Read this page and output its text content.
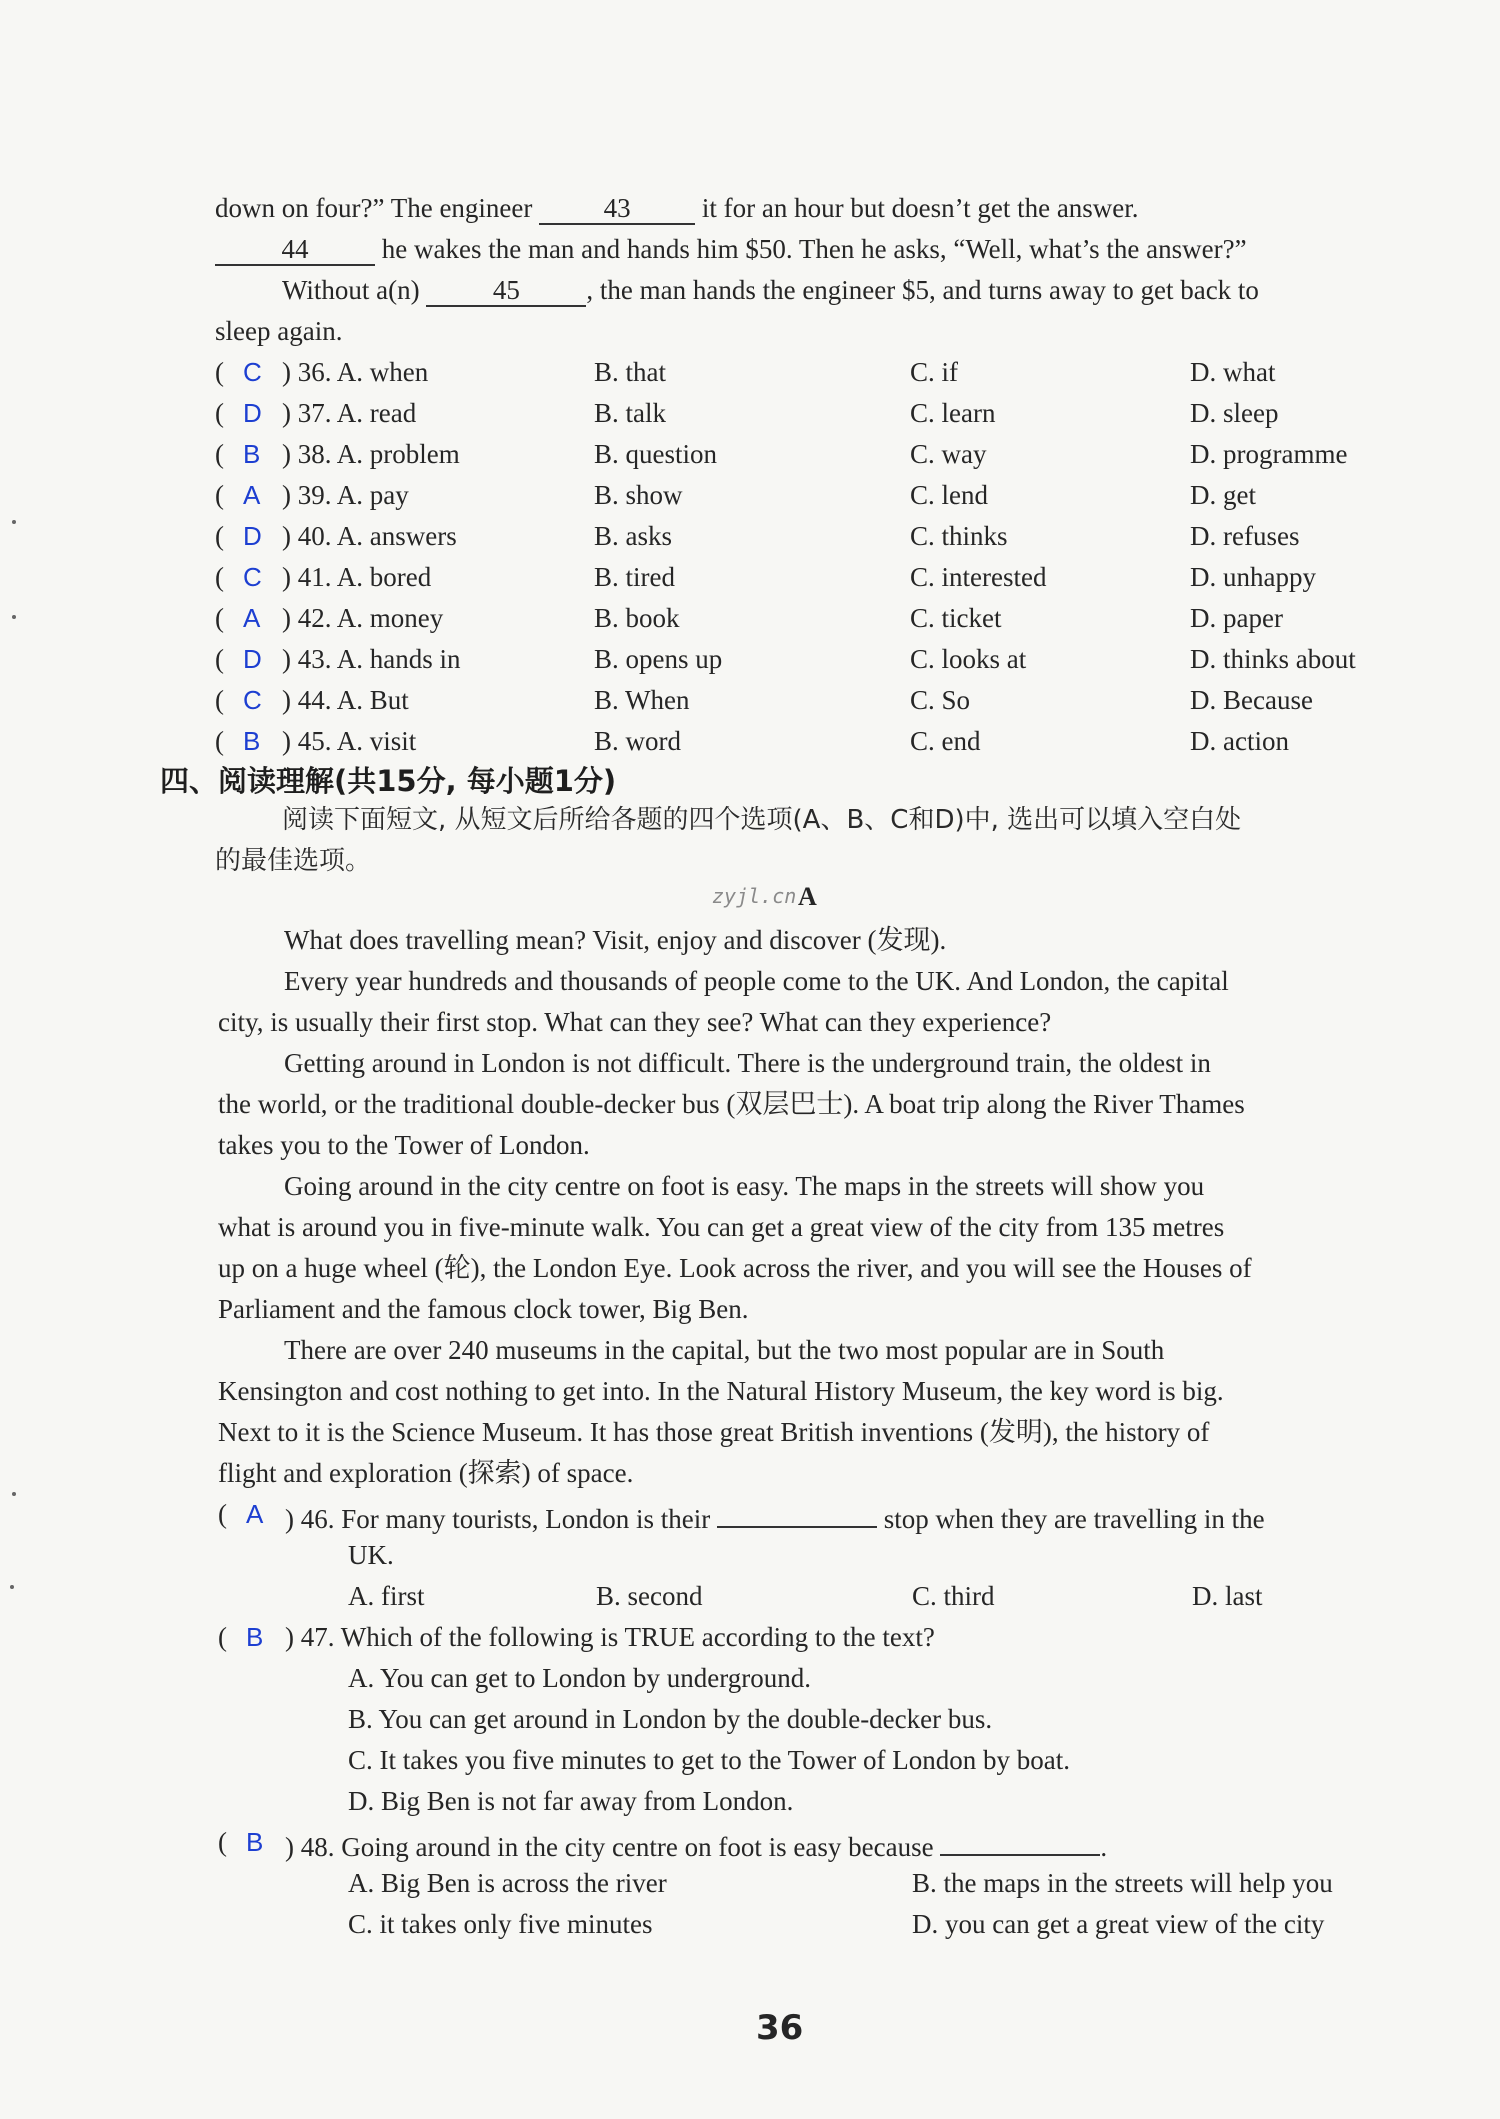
down on four?” The engineer	43	it for an hour but doesn’t get the answer.
44	he wakes the man and hands him $50. Then he asks, “Well, what’s the answer?”
Without a(n)	45 , the man hands the engineer $5, and turns away to get back to
sleep again.
( C ) 36. A. when	B. that	C. if	D. what
( D ) 37. A. read	B. talk	C. learn	D. sleep
( B ) 38. A. problem	B. question	C. way	D. programme
( A ) 39. A. pay	B. show	C. lend	D. get
( D ) 40. A. answers	B. asks	C. thinks	D. refuses
( C ) 41. A. bored	B. tired	C. interested	D. unhappy
( A ) 42. A. money	B. book	C. ticket	D. paper
( D ) 43. A. hands in	B. opens up	C. looks at	D. thinks about
( C ) 44. A. But	B. When	C. So	D. Because
( B ) 45. A. visit	B. word	C. end	D. action
四、阅读理解(共15分, 每小题1分)
阅读下面短文, 从短文后所给各题的四个选项(A、B、C和D)中, 选出可以填入空白处
的最佳选项。
zyjl.cn A
What does travelling mean? Visit, enjoy and discover (发现).
Every year hundreds and thousands of people come to the UK. And London, the capital
city, is usually their first stop. What can they see? What can they experience?
Getting around in London is not difficult. There is the underground train, the oldest in
the world, or the traditional double-decker bus (双层巴士). A boat trip along the River Thames
takes you to the Tower of London.
Going around in the city centre on foot is easy. The maps in the streets will show you
what is around you in five-minute walk. You can get a great view of the city from 135 metres
up on a huge wheel (轮), the London Eye. Look across the river, and you will see the Houses of
Parliament and the famous clock tower, Big Ben.
There are over 240 museums in the capital, but the two most popular are in South
Kensington and cost nothing to get into. In the Natural History Museum, the key word is big.
Next to it is the Science Museum. It has those great British inventions (发明), the history of
flight and exploration (探索) of space.
( A ) 46. For many tourists, London is their	stop when they are travelling in the
UK.
A. first	B. second	C. third	D. last
( B ) 47. Which of the following is TRUE according to the text?
A. You can get to London by underground.
B. You can get around in London by the double-decker bus.
C. It takes you five minutes to get to the Tower of London by boat.
D. Big Ben is not far away from London.
( B ) 48. Going around in the city centre on foot is easy because	.
A. Big Ben is across the river	B. the maps in the streets will help you
C. it takes only five minutes	D. you can get a great view of the city
36
